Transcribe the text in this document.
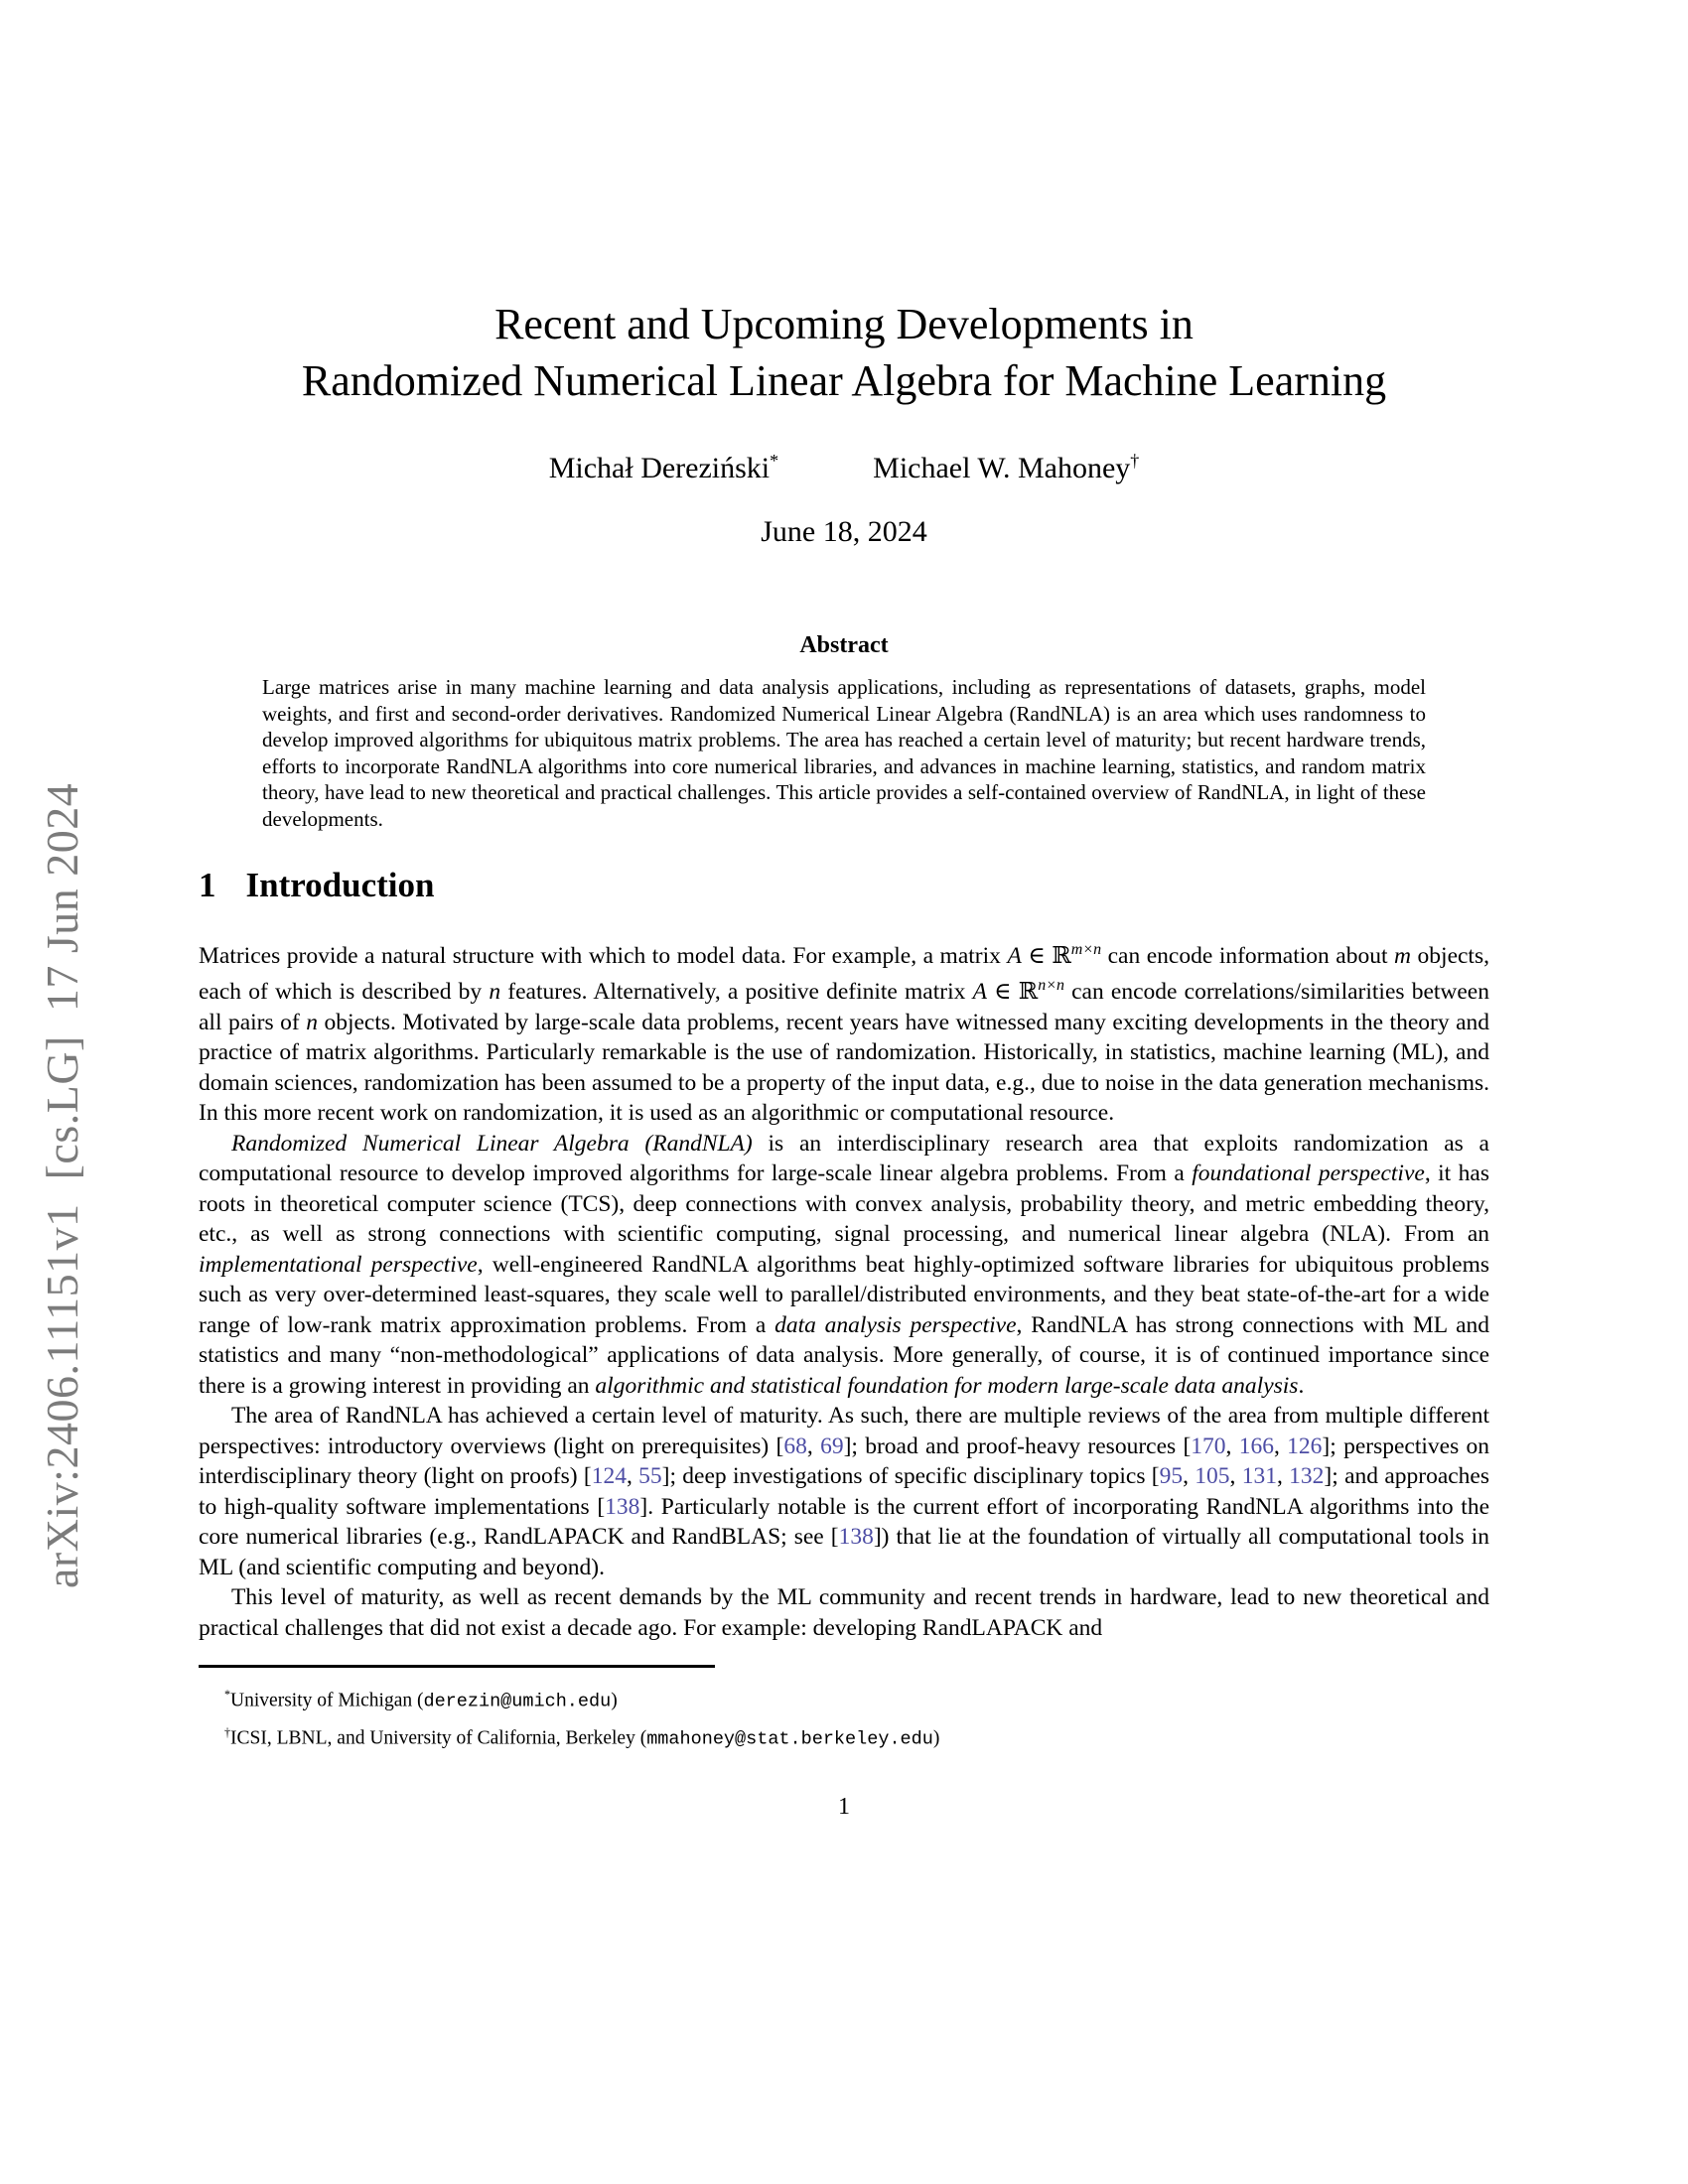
arXiv:2406.11151v1  [cs.LG]  17 Jun 2024
Recent and Upcoming Developments in
Randomized Numerical Linear Algebra for Machine Learning
Michał Dereziński*	Michael W. Mahoney†
June 18, 2024
Abstract

Large matrices arise in many machine learning and data analysis applications, including as representations of datasets, graphs, model weights, and first and second-order derivatives. Randomized Numerical Linear Algebra (RandNLA) is an area which uses randomness to develop improved algorithms for ubiquitous matrix problems. The area has reached a certain level of maturity; but recent hardware trends, efforts to incorporate RandNLA algorithms into core numerical libraries, and advances in machine learning, statistics, and random matrix theory, have lead to new theoretical and practical challenges. This article provides a self-contained overview of RandNLA, in light of these developments.

1 Introduction

Matrices provide a natural structure with which to model data. For example, a matrix A ∈ ℝ$^{m\times n}$ can encode information about m objects, each of which is described by n features. Alternatively, a positive definite matrix A ∈ ℝ$^{n\times n}$ can encode correlations/similarities between all pairs of n objects. Motivated by large-scale data problems, recent years have witnessed many exciting developments in the theory and practice of matrix algorithms. Particularly remarkable is the use of randomization. Historically, in statistics, machine learning (ML), and domain sciences, randomization has been assumed to be a property of the input data, e.g., due to noise in the data generation mechanisms. In this more recent work on randomization, it is used as an algorithmic or computational resource.

Randomized Numerical Linear Algebra (RandNLA) is an interdisciplinary research area that exploits randomization as a computational resource to develop improved algorithms for large-scale linear algebra problems. From a foundational perspective, it has roots in theoretical computer science (TCS), deep connections with convex analysis, probability theory, and metric embedding theory, etc., as well as strong connections with scientific computing, signal processing, and numerical linear algebra (NLA). From an implementational perspective, well-engineered RandNLA algorithms beat highly-optimized software libraries for ubiquitous problems such as very over-determined least-squares, they scale well to parallel/distributed environments, and they beat state-of-the-art for a wide range of low-rank matrix approximation problems. From a data analysis perspective, RandNLA has strong connections with ML and statistics and many “non-methodological” applications of data analysis. More generally, of course, it is of continued importance since there is a growing interest in providing an algorithmic and statistical foundation for modern large-scale data analysis.

The area of RandNLA has achieved a certain level of maturity. As such, there are multiple reviews of the area from multiple different perspectives: introductory overviews (light on prerequisites) [68, 69]; broad and proof-heavy resources [170, 166, 126]; perspectives on interdisciplinary theory (light on proofs) [124, 55]; deep investigations of specific disciplinary topics [95, 105, 131, 132]; and approaches to high-quality software implementations [138]. Particularly notable is the current effort of incorporating RandNLA algorithms into the core numerical libraries (e.g., RandLAPACK and RandBLAS; see [138]) that lie at the foundation of virtually all computational tools in ML (and scientific computing and beyond).

This level of maturity, as well as recent demands by the ML community and recent trends in hardware, lead to new theoretical and practical challenges that did not exist a decade ago. For example: developing RandLAPACK and

*University of Michigan (derezin@umich.edu)
†ICSI, LBNL, and University of California, Berkeley (mmahoney@stat.berkeley.edu)
1
